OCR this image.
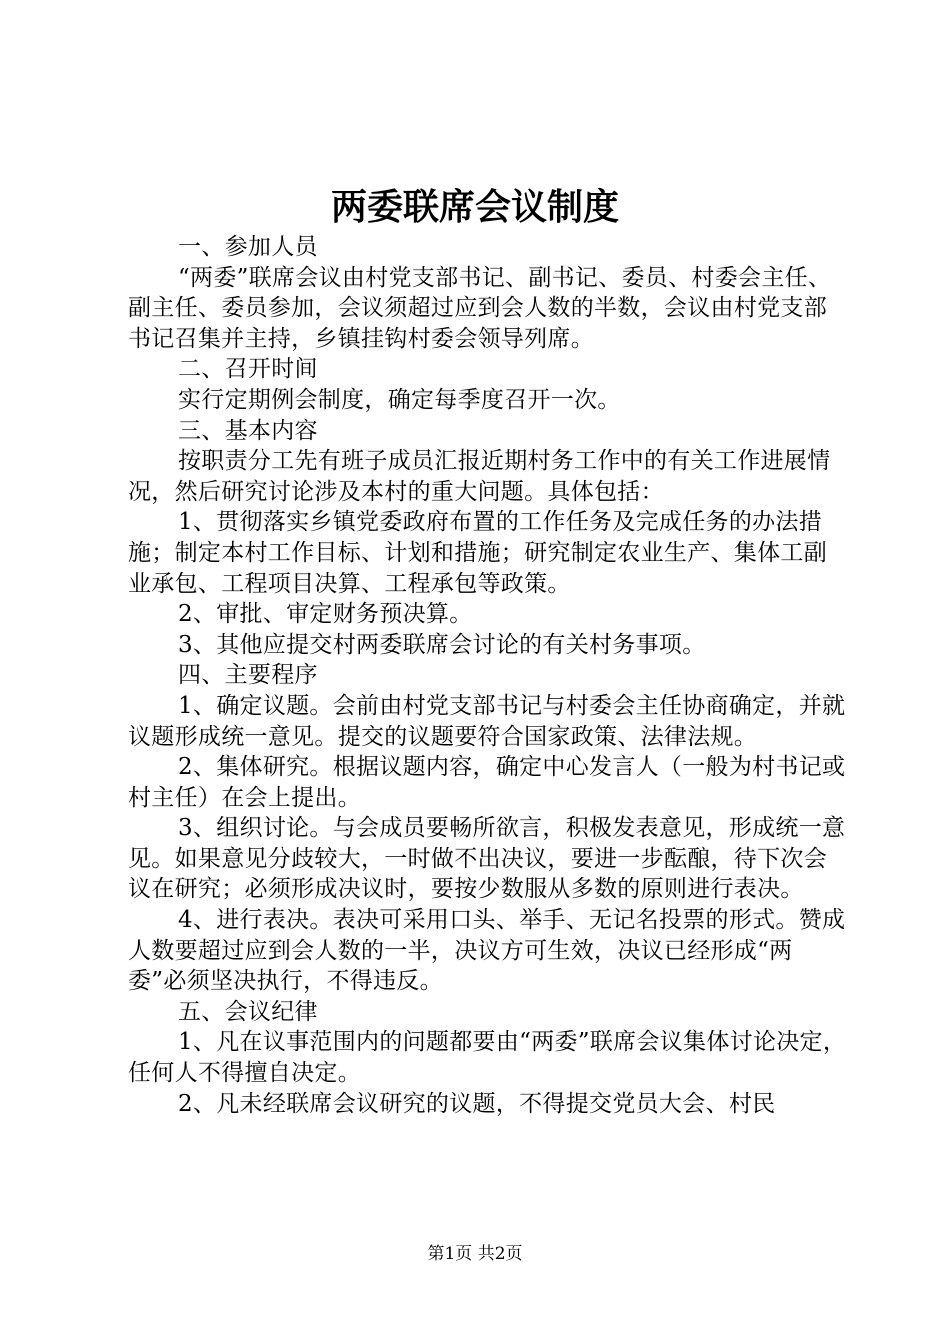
两委联席会议制度

一、参加人员

“两委”联席会议由村党支部书记、副书记、委员、村委会主任、副主任、委员参加，会议须超过应到会人数的半数，会议由村党支部书记召集并主持，乡镇挂钩村委会领导列席。

二、召开时间

实行定期例会制度，确定每季度召开一次。

三、基本内容

按职责分工先有班子成员汇报近期村务工作中的有关工作进展情况，然后研究讨论涉及本村的重大问题。具体包括：

1、贯彻落实乡镇党委政府布置的工作任务及完成任务的办法措施；制定本村工作目标、计划和措施；研究制定农业生产、集体工副业承包、工程项目决算、工程承包等政策。

2、审批、审定财务预决算。

3、其他应提交村两委联席会讨论的有关村务事项。

四、主要程序

1、确定议题。会前由村党支部书记与村委会主任协商确定，并就议题形成统一意见。提交的议题要符合国家政策、法律法规。

2、集体研究。根据议题内容，确定中心发言人（一般为村书记或村主任）在会上提出。

3、组织讨论。与会成员要畅所欲言，积极发表意见，形成统一意见。如果意见分歧较大，一时做不出决议，要进一步酝酿，待下次会议在研究；必须形成决议时，要按少数服从多数的原则进行表决。

4、进行表决。表决可采用口头、举手、无记名投票的形式。赞成人数要超过应到会人数的一半，决议方可生效，决议已经形成“两委”必须坚决执行，不得违反。

五、会议纪律

1、凡在议事范围内的问题都要由“两委”联席会议集体讨论决定，任何人不得擅自决定。

2、凡未经联席会议研究的议题，不得提交党员大会、村民

第1页 共2页
